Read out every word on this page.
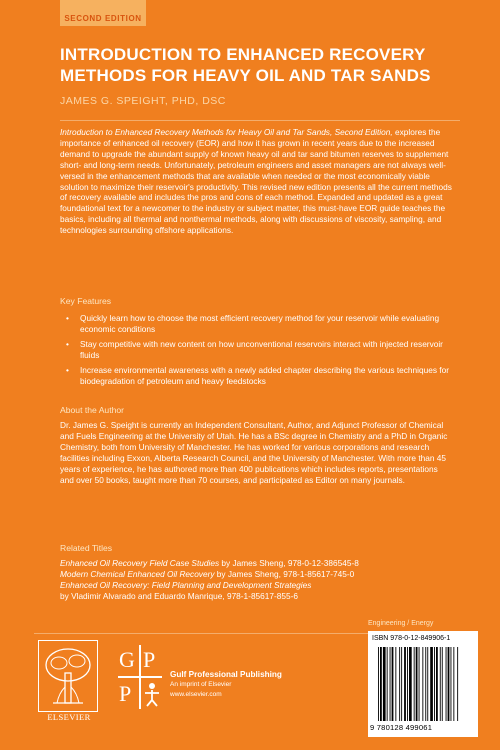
SECOND EDITION
INTRODUCTION TO ENHANCED RECOVERY
METHODS FOR HEAVY OIL AND TAR SANDS
JAMES G. SPEIGHT, PHD, DSC

Introduction to Enhanced Recovery Methods for Heavy Oil and Tar Sands, Second Edition, explores the importance of enhanced oil recovery (EOR) and how it has grown in recent years due to the increased demand to upgrade the abundant supply of known heavy oil and tar sand bitumen reserves to supplement short- and long-term needs. Unfortunately, petroleum engineers and asset managers are not always well-versed in the enhancement methods that are available when needed or the most economically viable solution to maximize their reservoir's productivity. This revised new edition presents all the current methods of recovery available and includes the pros and cons of each method. Expanded and updated as a great foundational text for a newcomer to the industry or subject matter, this must-have EOR guide teaches the basics, including all thermal and nonthermal methods, along with discussions of viscosity, sampling, and technologies surrounding offshore applications.

Key Features
• Quickly learn how to choose the most efficient recovery method for your reservoir while evaluating economic conditions
• Stay competitive with new content on how unconventional reservoirs interact with injected reservoir fluids
• Increase environmental awareness with a newly added chapter describing the various techniques for biodegradation of petroleum and heavy feedstocks
About the Author

Dr. James G. Speight is currently an Independent Consultant, Author, and Adjunct Professor of Chemical and Fuels Engineering at the University of Utah. He has a BSc degree in Chemistry and a PhD in Organic Chemistry, both from University of Manchester. He has worked for various corporations and research facilities including Exxon, Alberta Research Council, and the University of Manchester. With more than 45 years of experience, he has authored more than 400 publications which includes reports, presentations and over 50 books, taught more than 70 courses, and participated as Editor on many journals.

Related Titles
Enhanced Oil Recovery Field Case Studies by James Sheng, 978-0-12-386545-8
Modern Chemical Enhanced Oil Recovery by James Sheng, 978-1-85617-745-0
Enhanced Oil Recovery: Field Planning and Development Strategies
by Vladimir Alvarado and Eduardo Manrique, 978-1-85617-855-6
Engineering / Energy
ELSEVIER
G P
P
Gulf Professional Publishing
An imprint of Elsevier
www.elsevier.com
ISBN 978-0-12-849906-1
9 780128 499061
